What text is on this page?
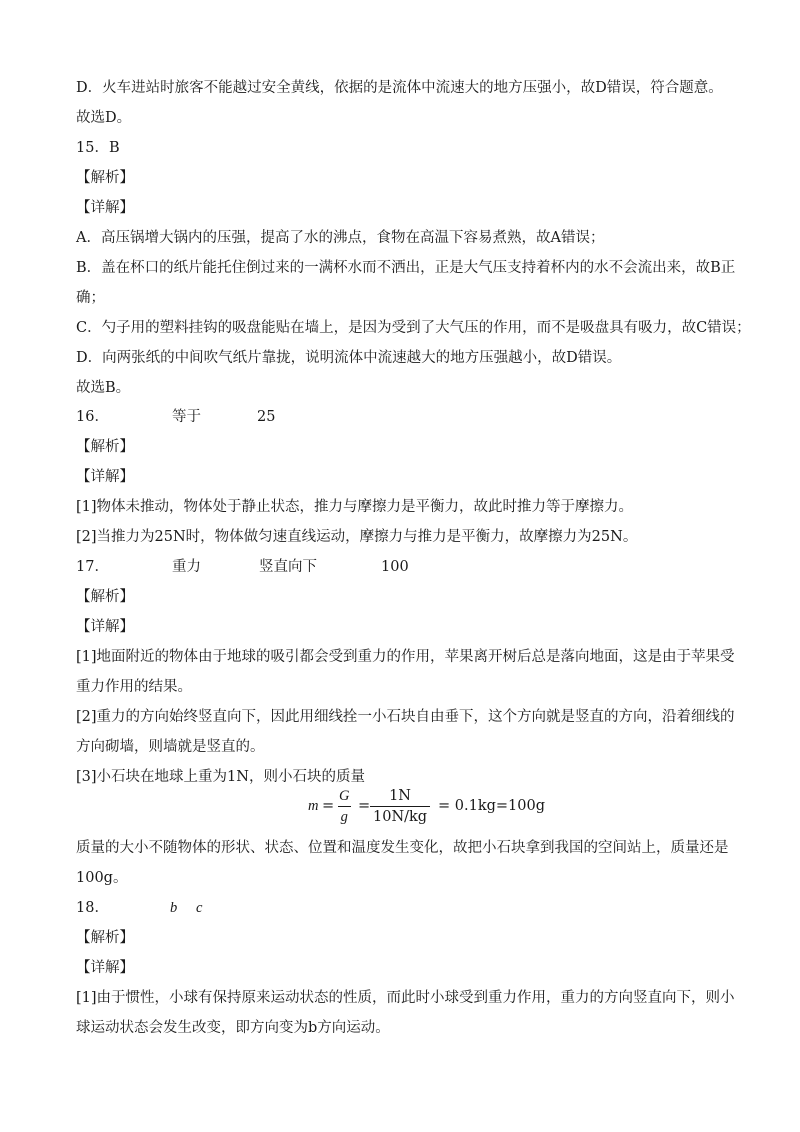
D．火车进站时旅客不能越过安全黄线，依据的是流体中流速大的地方压强小，故D错误，符合题意。
故选D。
15．B
【解析】
【详解】
A．高压锅增大锅内的压强，提高了水的沸点，食物在高温下容易煮熟，故A错误；
B．盖在杯口的纸片能托住倒过来的一满杯水而不洒出，正是大气压支持着杯内的水不会流出来，故B正
确；
C．勺子用的塑料挂钩的吸盘能贴在墙上，是因为受到了大气压的作用，而不是吸盘具有吸力，故C错误；
D．向两张纸的中间吹气纸片靠拢，说明流体中流速越大的地方压强越小，故D错误。
故选B。
16．	等于	25
【解析】
【详解】
[1]物体未推动，物体处于静止状态，推力与摩擦力是平衡力，故此时推力等于摩擦力。
[2]当推力为25N时，物体做匀速直线运动，摩擦力与推力是平衡力，故摩擦力为25N。
17．	重力	竖直向下	100
【解析】
【详解】
[1]地面附近的物体由于地球的吸引都会受到重力的作用，苹果离开树后总是落向地面，这是由于苹果受
重力作用的结果。
[2]重力的方向始终竖直向下，因此用细线拴一小石块自由垂下，这个方向就是竖直的方向，沿着细线的
方向砌墙，则墙就是竖直的。
[3]小石块在地球上重为1N，则小石块的质量
$m = \frac{G}{g} = \frac{1N}{10N/kg} = 0.1kg=100g$
质量的大小不随物体的形状、状态、位置和温度发生变化，故把小石块拿到我国的空间站上，质量还是
100g。
18．	b c
【解析】
【详解】
[1]由于惯性，小球有保持原来运动状态的性质，而此时小球受到重力作用，重力的方向竖直向下，则小
球运动状态会发生改变，即方向变为b方向运动。
